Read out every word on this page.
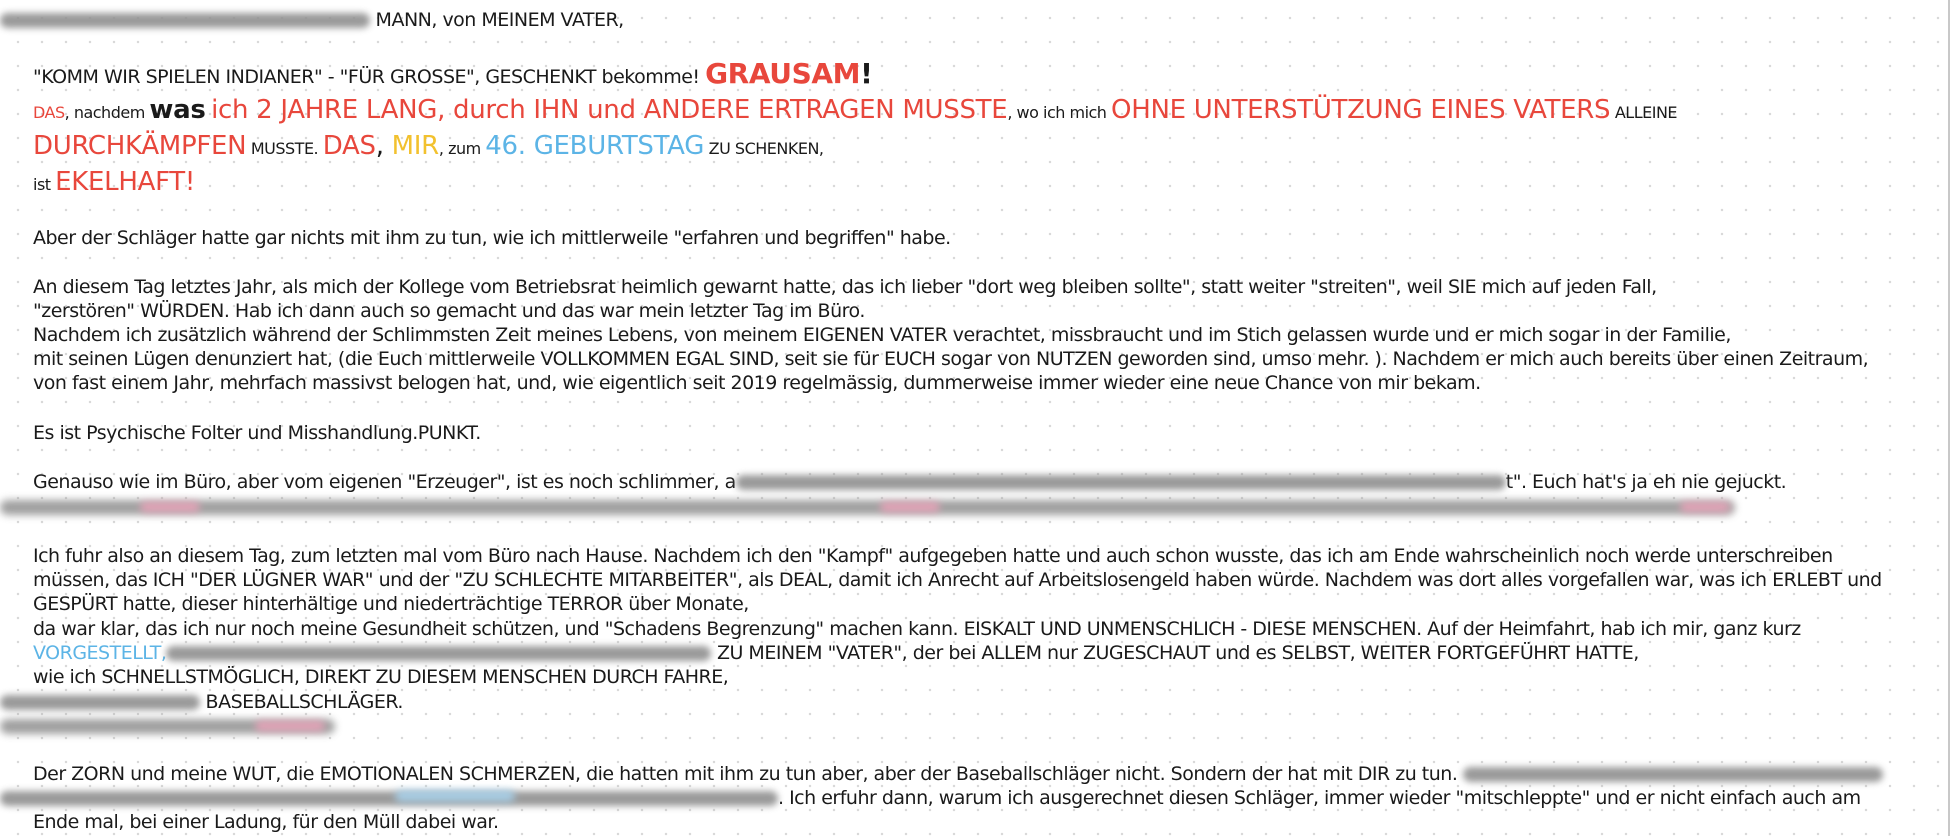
MANN, von MEINEM VATER,
"KOMM WIR SPIELEN INDIANER" - "FÜR GROSSE", GESCHENKT bekomme! GRAUSAM!
DAS, nachdem was ich 2 JAHRE LANG, durch IHN und ANDERE ERTRAGEN MUSSTE, wo ich mich OHNE UNTERSTÜTZUNG EINES VATERS ALLEINE
DURCHKÄMPFEN MUSSTE. DAS, MIR, zum 46. GEBURTSTAG ZU SCHENKEN,
ist EKELHAFT!
Aber der Schläger hatte gar nichts mit ihm zu tun, wie ich mittlerweile "erfahren und begriffen" habe.
An diesem Tag letztes Jahr, als mich der Kollege vom Betriebsrat heimlich gewarnt hatte, das ich lieber "dort weg bleiben sollte", statt weiter "streiten", weil SIE mich auf jeden Fall,
"zerstören" WÜRDEN. Hab ich dann auch so gemacht und das war mein letzter Tag im Büro.
Nachdem ich zusätzlich während der Schlimmsten Zeit meines Lebens, von meinem EIGENEN VATER verachtet, missbraucht und im Stich gelassen wurde und er mich sogar in der Familie,
mit seinen Lügen denunziert hat, (die Euch mittlerweile VOLLKOMMEN EGAL SIND, seit sie für EUCH sogar von NUTZEN geworden sind, umso mehr. ). Nachdem er mich auch bereits über einen Zeitraum,
von fast einem Jahr, mehrfach massivst belogen hat, und, wie eigentlich seit 2019 regelmässig, dummerweise immer wieder eine neue Chance von mir bekam.
Es ist Psychische Folter und Misshandlung.PUNKT.
Genauso wie im Büro, aber vom eigenen "Erzeuger", ist es noch schlimmer, a	t". Euch hat's ja eh nie gejuckt.
Ich fuhr also an diesem Tag, zum letzten mal vom Büro nach Hause. Nachdem ich den "Kampf" aufgegeben hatte und auch schon wusste, das ich am Ende wahrscheinlich noch werde unterschreiben
müssen, das ICH "DER LÜGNER WAR" und der "ZU SCHLECHTE MITARBEITER", als DEAL, damit ich Anrecht auf Arbeitslosengeld haben würde. Nachdem was dort alles vorgefallen war, was ich ERLEBT und
GESPÜRT hatte, dieser hinterhältige und niederträchtige TERROR über Monate,
da war klar, das ich nur noch meine Gesundheit schützen, und "Schadens Begrenzung" machen kann. EISKALT UND UNMENSCHLICH - DIESE MENSCHEN. Auf der Heimfahrt, hab ich mir, ganz kurz
VORGESTELLT,	ZU MEINEM "VATER", der bei ALLEM nur ZUGESCHAUT und es SELBST, WEITER FORTGEFÜHRT HATTE,
wie ich SCHNELLSTMÖGLICH, DIREKT ZU DIESEM MENSCHEN DURCH FAHRE,
BASEBALLSCHLÄGER.
Der ZORN und meine WUT, die EMOTIONALEN SCHMERZEN, die hatten mit ihm zu tun aber, aber der Baseballschläger nicht. Sondern der hat mit DIR zu tun.
. Ich erfuhr dann, warum ich ausgerechnet diesen Schläger, immer wieder "mitschleppte" und er nicht einfach auch am
Ende mal, bei einer Ladung, für den Müll dabei war.
